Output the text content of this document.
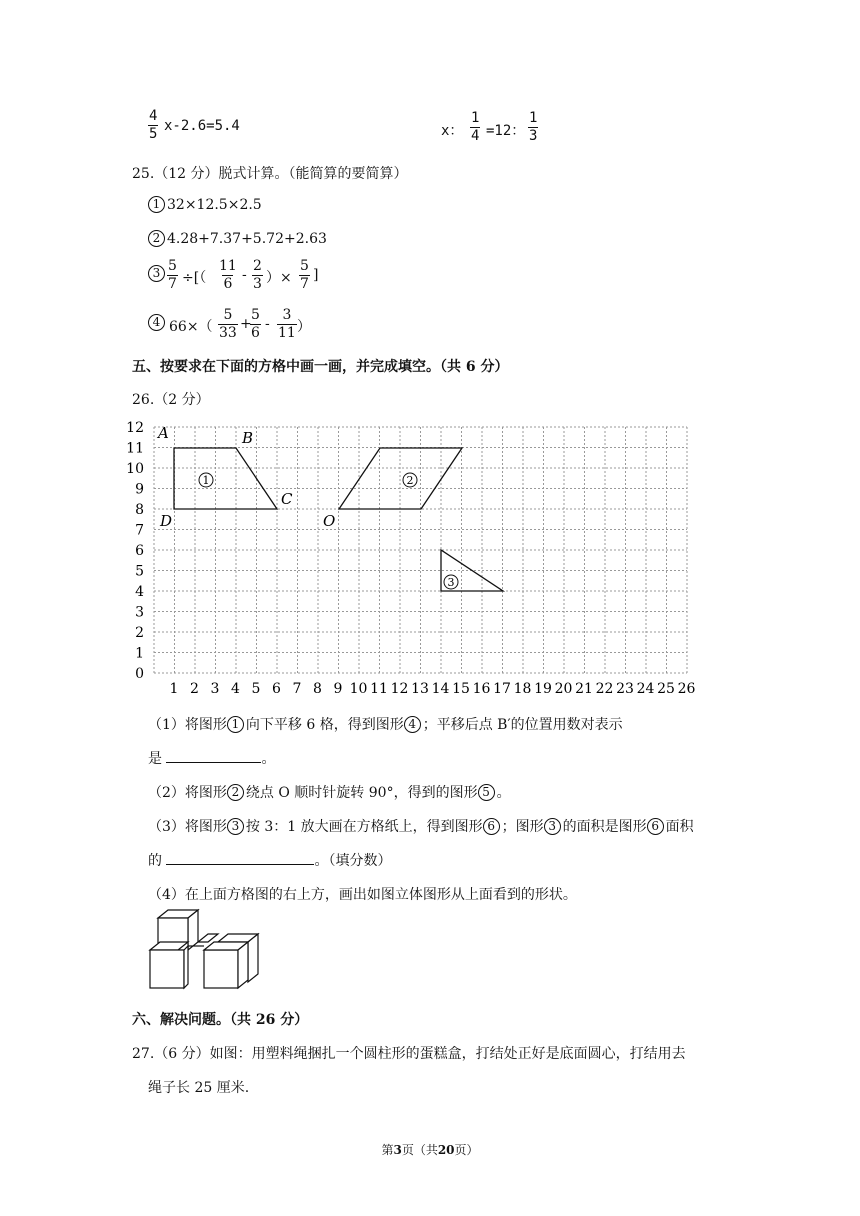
$\frac{4}{5} x-2.6=5.4$	x： $\frac{1}{4} =12$： $\frac{1}{3}$
25.（12 分）脱式计算。（能简算的要简算）
1 32×12.5×2.5
2 4.28+7.37+5.72+2.63
$3 \frac{5}{7}$ ÷[（ $\frac{11}{6} - \frac{2}{3}$ ）× $\frac{5}{7}$ ]
4 $66\times( \frac{5}{33}$ +
$\frac{5}{6} - \frac{3}{11}$ ）
五、按要求在下面的方格中画一画，并完成填空。（共 6 分）
26.（2 分）
0
1
2
3
4
5
6
7
8
9
10
11
12
1 2 3 4 5 6 7 8 9 10 11 12 13 14 15 16 17 18 19 20 21 22 23 24 25 26
A	B
C
D	O
1	2
3
（1）将图形 1 向下平移 6 格，得到图形 4 ；平移后点 B′的位置用数对表示
是	。
（2）将图形 2 绕点 O 顺时针旋转 90°，得到的图形 5 。
（3）将图形 3 按 3：1 放大画在方格纸上，得到图形 6 ；图形 3 的面积是图形 6 面积
的	。（填分数）
（4）在上面方格图的右上方，画出如图立体图形从上面看到的形状。
六、解决问题。（共 26 分）
27.（6 分）如图：用塑料绳捆扎一个圆柱形的蛋糕盒，打结处正好是底面圆心，打结用去
绳子长 25 厘米.
第3页（共20页）
